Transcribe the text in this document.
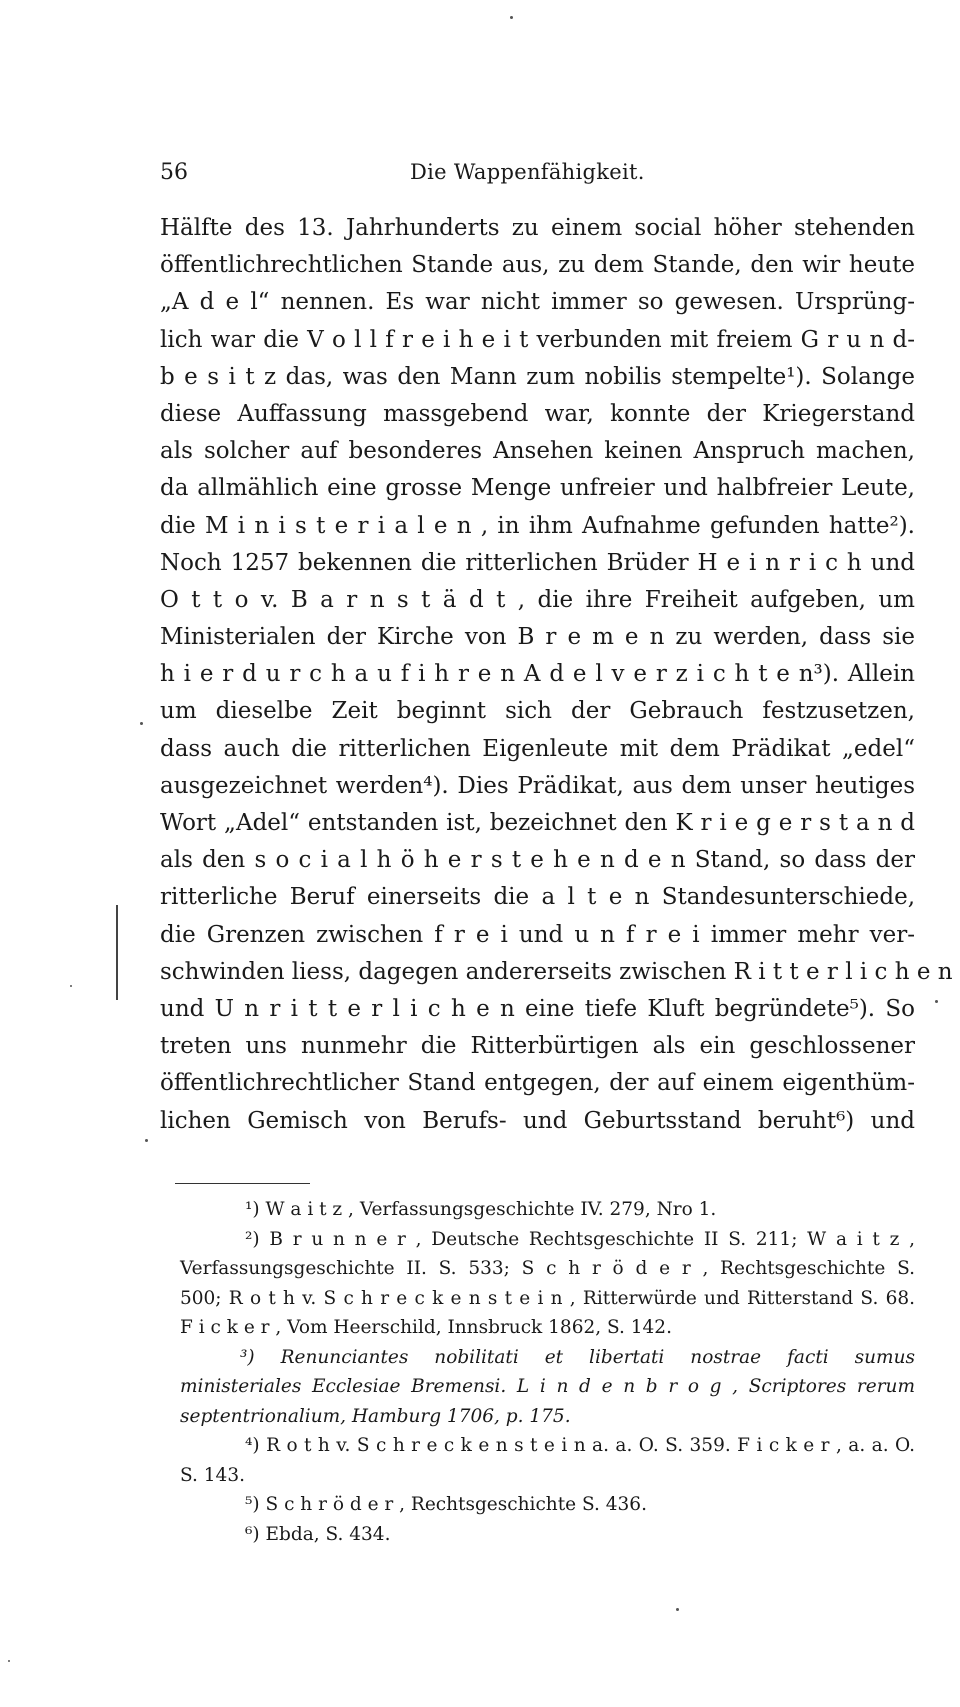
56	Die Wappenfähigkeit.
Hälfte des 13. Jahrhunderts zu einem social höher stehenden
öffentlichrechtlichen Stande aus, zu dem Stande, den wir heute
„A d e l“ nennen. Es war nicht immer so gewesen. Ursprüng-
lich war die V o l l f r e i h e i t verbunden mit freiem G r u n d-
b e s i t z das, was den Mann zum nobilis stempelte¹). Solange
diese Auffassung massgebend war, konnte der Kriegerstand
als solcher auf besonderes Ansehen keinen Anspruch machen,
da allmählich eine grosse Menge unfreier und halbfreier Leute,
die M i n i s t e r i a l e n , in ihm Aufnahme gefunden hatte²).
Noch 1257 bekennen die ritterlichen Brüder H e i n r i c h und
O t t o v. B a r n s t ä d t , die ihre Freiheit aufgeben, um
Ministerialen der Kirche von B r e m e n zu werden, dass sie
h i e r d u r c h a u f i h r e n A d e l v e r z i c h t e n³). Allein
um dieselbe Zeit beginnt sich der Gebrauch festzusetzen,
dass auch die ritterlichen Eigenleute mit dem Prädikat „edel“
ausgezeichnet werden⁴). Dies Prädikat, aus dem unser heutiges
Wort „Adel“ entstanden ist, bezeichnet den K r i e g e r s t a n d
als den s o c i a l h ö h e r s t e h e n d e n Stand, so dass der
ritterliche Beruf einerseits die a l t e n Standesunterschiede,
die Grenzen zwischen f r e i und u n f r e i immer mehr ver-
schwinden liess, dagegen andererseits zwischen R i t t e r l i c h e n
und U n r i t t e r l i c h e n eine tiefe Kluft begründete⁵). So
treten uns nunmehr die Ritterbürtigen als ein geschlossener
öffentlichrechtlicher Stand entgegen, der auf einem eigenthüm-
lichen Gemisch von Berufs- und Geburtsstand beruht⁶) und
¹) W a i t z , Verfassungsgeschichte IV. 279, Nro 1.
²) B r u n n e r , Deutsche Rechtsgeschichte II S. 211; W a i t z ,
Verfassungsgeschichte II. S. 533; S c h r ö d e r , Rechtsgeschichte S.
500; R o t h v. S c h r e c k e n s t e i n , Ritterwürde und Ritterstand S. 68.
F i c k e r , Vom Heerschild, Innsbruck 1862, S. 142.
³) Renunciantes nobilitati et libertati nostrae facti sumus
ministeriales Ecclesiae Bremensi. L i n d e n b r o g , Scriptores rerum
septentrionalium, Hamburg 1706, p. 175.
⁴) R o t h v. S c h r e c k e n s t e i n a. a. O. S. 359. F i c k e r , a. a. O.
S. 143.
⁵) S c h r ö d e r , Rechtsgeschichte S. 436.
⁶) Ebda, S. 434.
